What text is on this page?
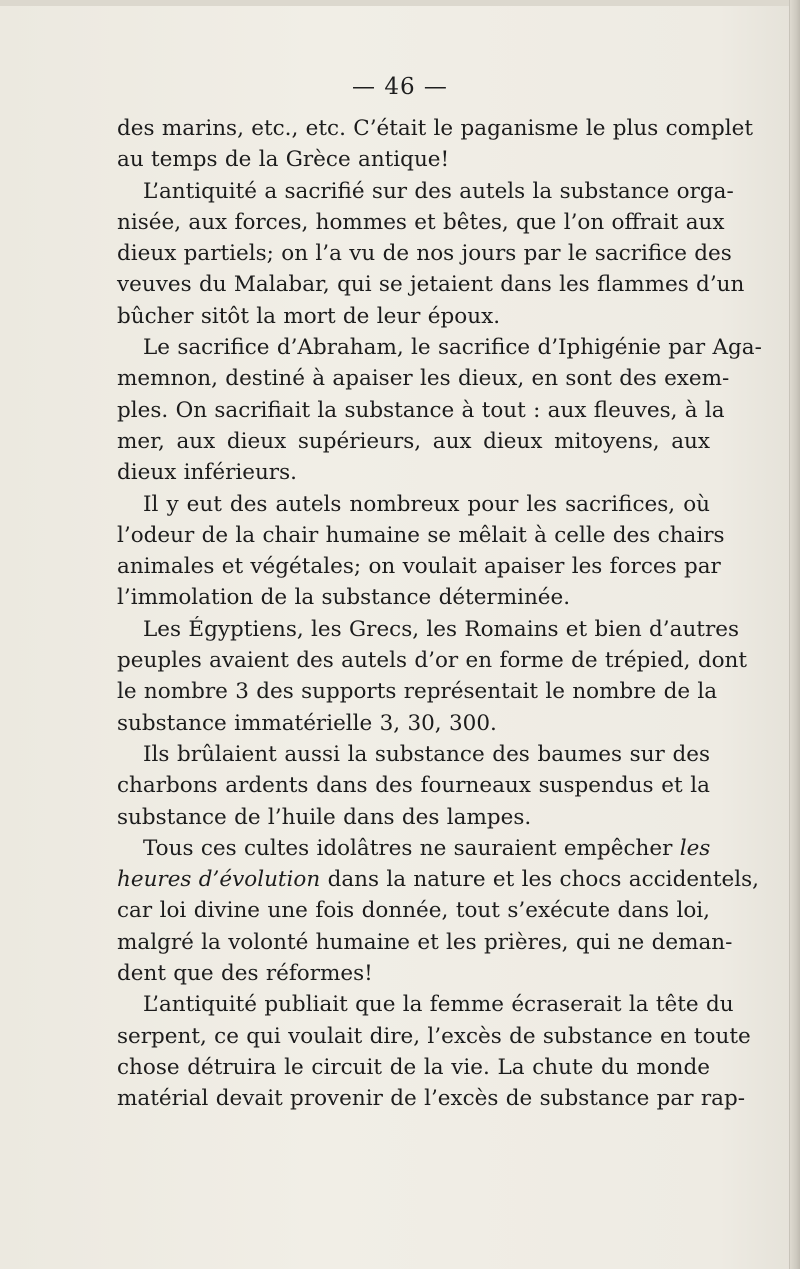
— 46 —
des marins, etc., etc. C’était le paganisme le plus complet
au temps de la Grèce antique!
L’antiquité a sacrifié sur des autels la substance orga-
nisée, aux forces, hommes et bêtes, que l’on offrait aux
dieux partiels; on l’a vu de nos jours par le sacrifice des
veuves du Malabar, qui se jetaient dans les flammes d’un
bûcher sitôt la mort de leur époux.
Le sacrifice d’Abraham, le sacrifice d’Iphigénie par Aga-
memnon, destiné à apaiser les dieux, en sont des exem-
ples. On sacrifiait la substance à tout : aux fleuves, à la
mer, aux dieux supérieurs, aux dieux mitoyens, aux
dieux inférieurs.
Il y eut des autels nombreux pour les sacrifices, où
l’odeur de la chair humaine se mêlait à celle des chairs
animales et végétales; on voulait apaiser les forces par
l’immolation de la substance déterminée.
Les Égyptiens, les Grecs, les Romains et bien d’autres
peuples avaient des autels d’or en forme de trépied, dont
le nombre 3 des supports représentait le nombre de la
substance immatérielle 3, 30, 300.
Ils brûlaient aussi la substance des baumes sur des
charbons ardents dans des fourneaux suspendus et la
substance de l’huile dans des lampes.
Tous ces cultes idolâtres ne sauraient empêcher les
heures d’évolution dans la nature et les chocs accidentels,
car loi divine une fois donnée, tout s’exécute dans loi,
malgré la volonté humaine et les prières, qui ne deman-
dent que des réformes!
L’antiquité publiait que la femme écraserait la tête du
serpent, ce qui voulait dire, l’excès de substance en toute
chose détruira le circuit de la vie. La chute du monde
matérial devait provenir de l’excès de substance par rap-
